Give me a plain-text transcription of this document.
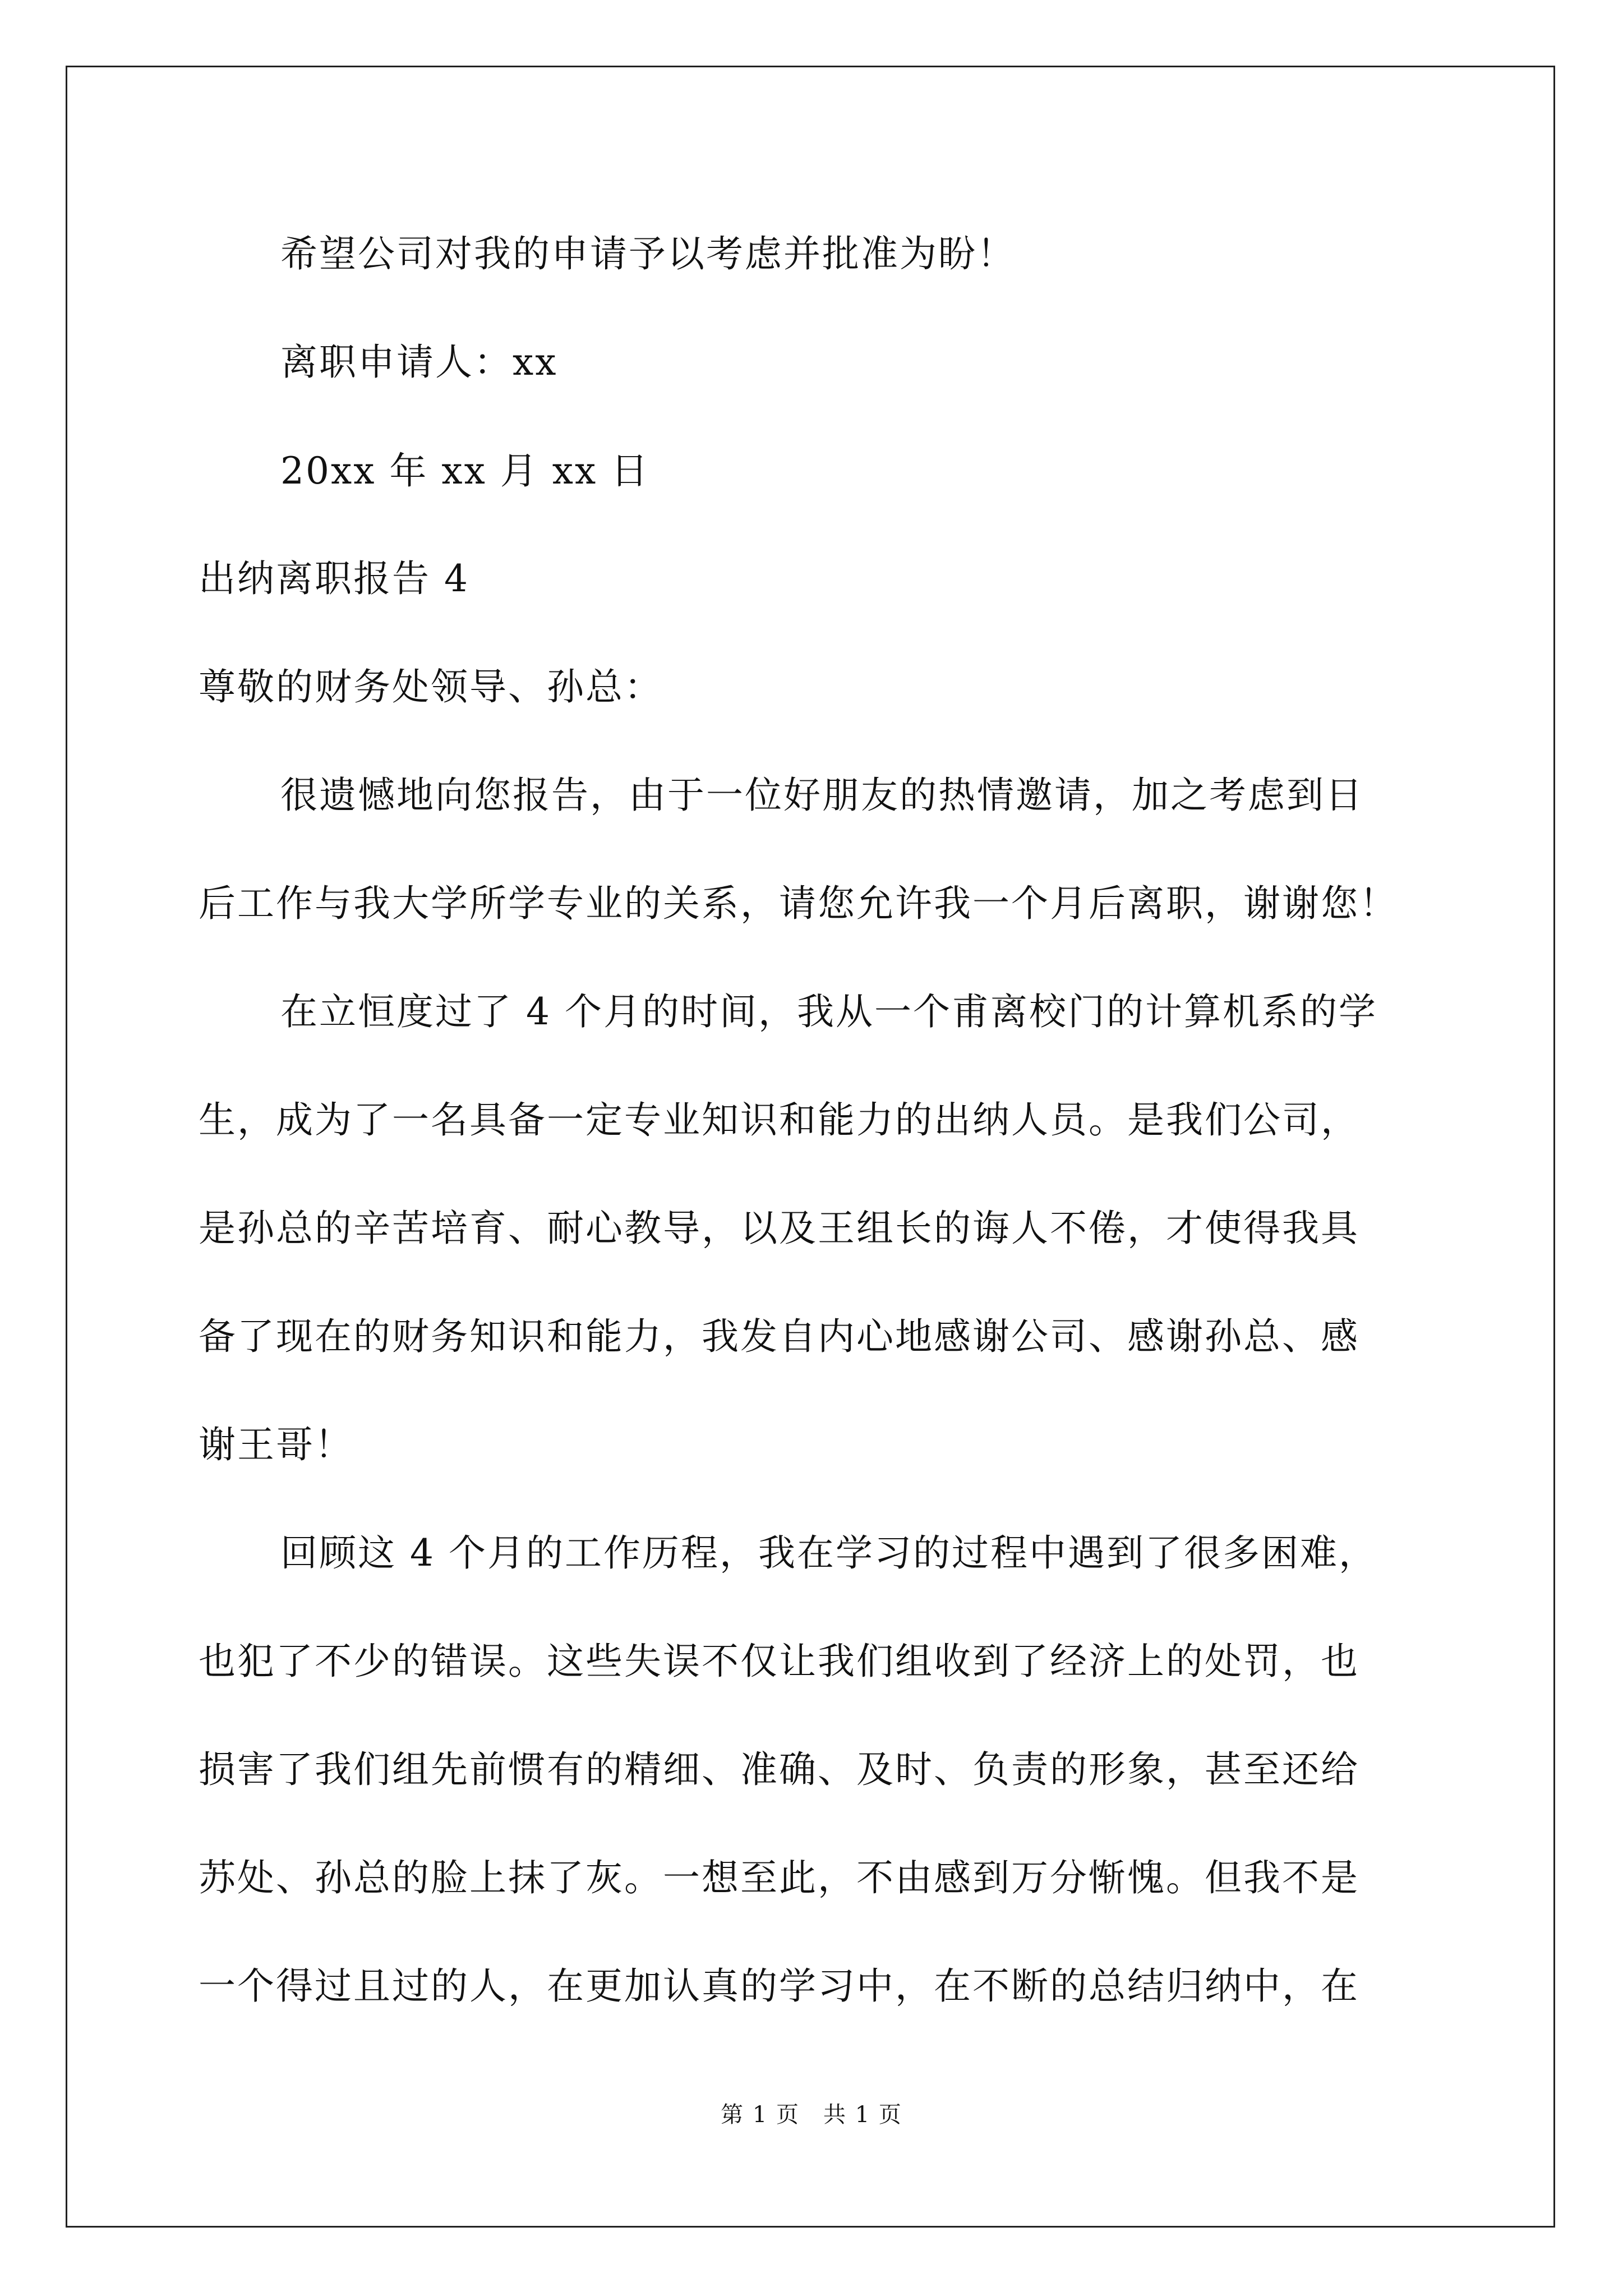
希望公司对我的申请予以考虑并批准为盼！

离职申请人：xx

20xx 年 xx 月 xx 日

出纳离职报告 4

尊敬的财务处领导、孙总：

很遗憾地向您报告，由于一位好朋友的热情邀请，加之考虑到日

后工作与我大学所学专业的关系，请您允许我一个月后离职，谢谢您！

在立恒度过了 4 个月的时间，我从一个甫离校门的计算机系的学

生，成为了一名具备一定专业知识和能力的出纳人员。是我们公司，

是孙总的辛苦培育、耐心教导，以及王组长的诲人不倦，才使得我具

备了现在的财务知识和能力，我发自内心地感谢公司、感谢孙总、感

谢王哥！

回顾这 4 个月的工作历程，我在学习的过程中遇到了很多困难，

也犯了不少的错误。这些失误不仅让我们组收到了经济上的处罚，也

损害了我们组先前惯有的精细、准确、及时、负责的形象，甚至还给

苏处、孙总的脸上抹了灰。一想至此，不由感到万分惭愧。但我不是

一个得过且过的人，在更加认真的学习中，在不断的总结归纳中，在

第 1 页　共 1 页
